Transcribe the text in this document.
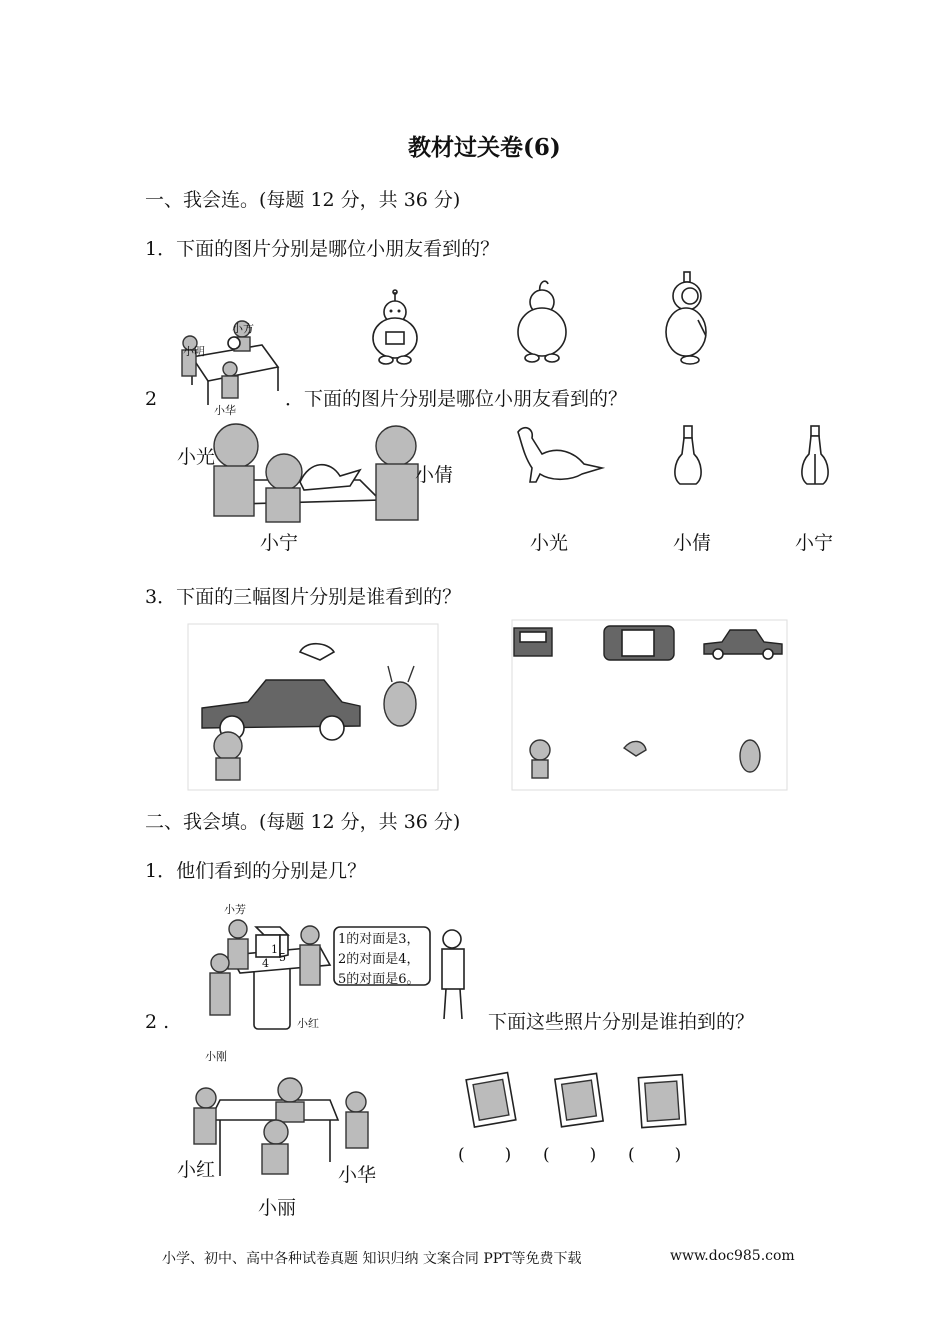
教材过关卷(6)
一、我会连。(每题 12 分，共 36 分)
1．下面的图片分别是哪位小朋友看到的？
小方
小明
小华
2	．下面的图片分别是哪位小朋友看到的？
小光
小倩
小宁	小光	小倩	小宁
3．下面的三幅图片分别是谁看到的？
二、我会填。(每题 12 分，共 36 分)
1．他们看到的分别是几？
小芳
小红
小刚
1
4 5
1的对面是3，
2的对面是4，
5的对面是6。
2 .	下面这些照片分别是谁拍到的？
小红	小华
小丽
(　　) (　　) (　　)
小学、初中、高中各种试卷真题 知识归纳 文案合同 PPT等免费下载	www.doc985.com
